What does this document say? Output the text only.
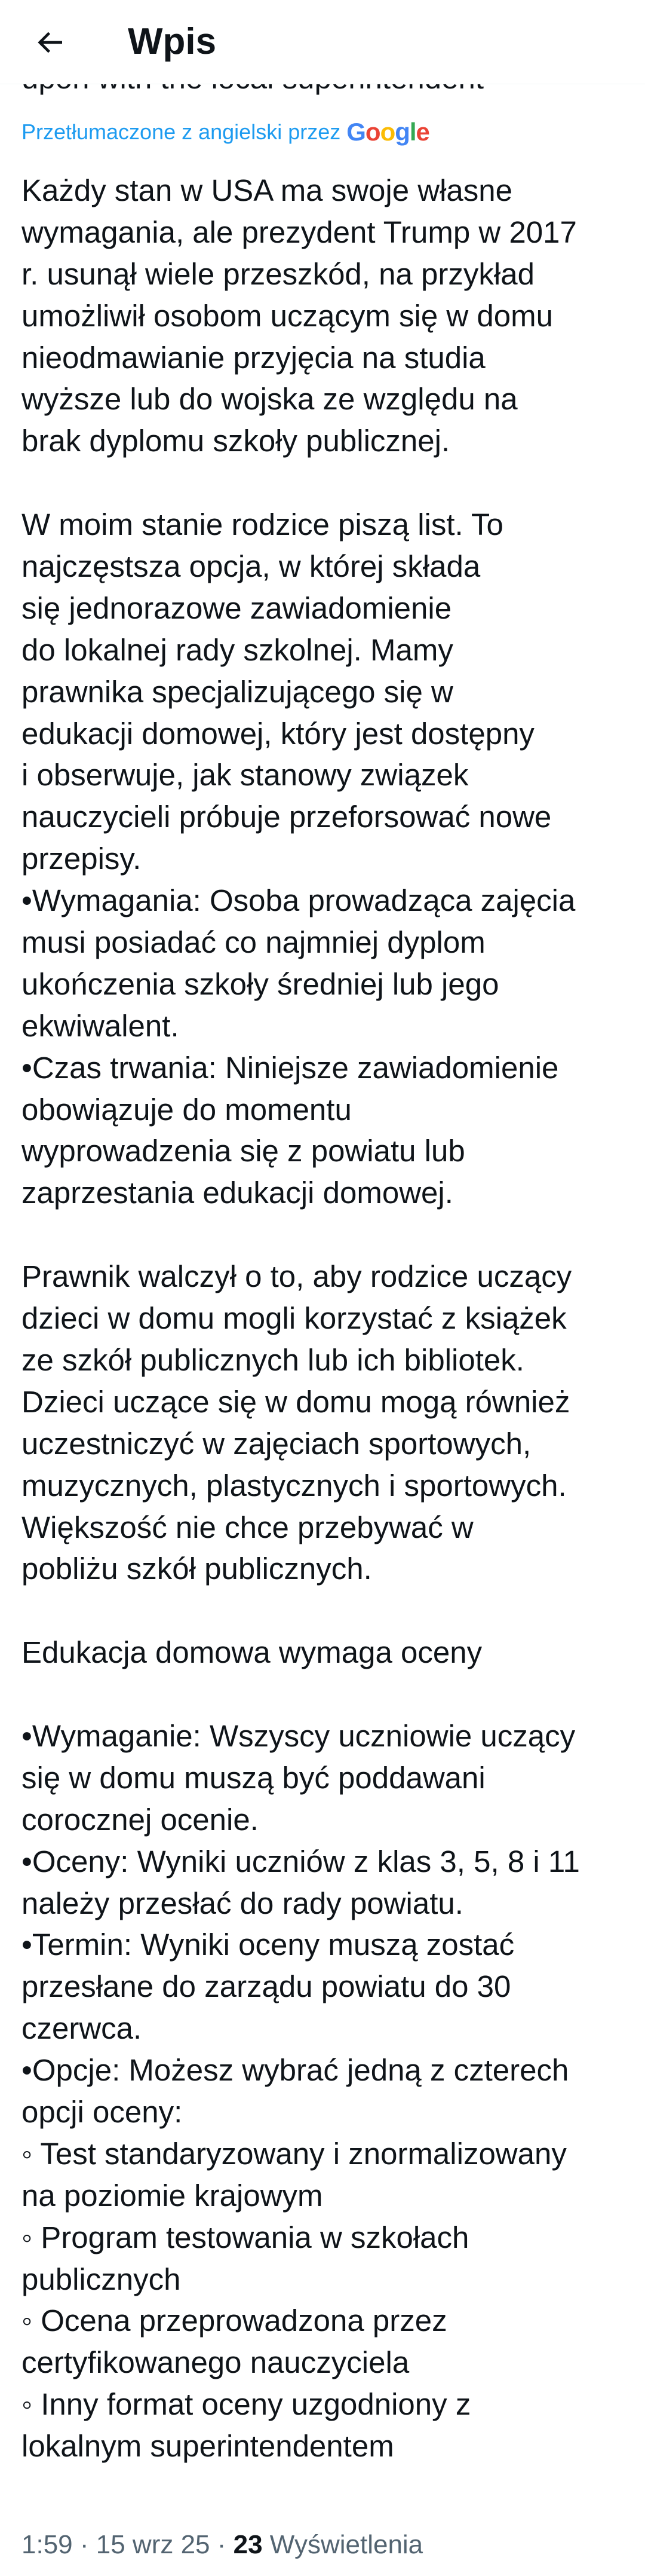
Wpis
Przetłumaczone z angielski przez Google
Każdy stan w USA ma swoje własne
wymagania, ale prezydent Trump w 2017
r. usunął wiele przeszkód, na przykład
umożliwił osobom uczącym się w domu
nieodmawianie przyjęcia na studia
wyższe lub do wojska ze względu na
brak dyplomu szkoły publicznej.
W moim stanie rodzice piszą list. To
najczęstsza opcja, w której składa
się jednorazowe zawiadomienie
do lokalnej rady szkolnej. Mamy
prawnika specjalizującego się w
edukacji domowej, który jest dostępny
i obserwuje, jak stanowy związek
nauczycieli próbuje przeforsować nowe
przepisy.
•Wymagania: Osoba prowadząca zajęcia
musi posiadać co najmniej dyplom
ukończenia szkoły średniej lub jego
ekwiwalent.
•Czas trwania: Niniejsze zawiadomienie
obowiązuje do momentu
wyprowadzenia się z powiatu lub
zaprzestania edukacji domowej.
Prawnik walczył o to, aby rodzice uczący
dzieci w domu mogli korzystać z książek
ze szkół publicznych lub ich bibliotek.
Dzieci uczące się w domu mogą również
uczestniczyć w zajęciach sportowych,
muzycznych, plastycznych i sportowych.
Większość nie chce przebywać w
pobliżu szkół publicznych.
Edukacja domowa wymaga oceny
•Wymaganie: Wszyscy uczniowie uczący
się w domu muszą być poddawani
corocznej ocenie.
•Oceny: Wyniki uczniów z klas 3, 5, 8 i 11
należy przesłać do rady powiatu.
•Termin: Wyniki oceny muszą zostać
przesłane do zarządu powiatu do 30
czerwca.
•Opcje: Możesz wybrać jedną z czterech
opcji oceny:
◦ Test standaryzowany i znormalizowany
na poziomie krajowym
◦ Program testowania w szkołach
publicznych
◦ Ocena przeprowadzona przez
certyfikowanego nauczyciela
◦ Inny format oceny uzgodniony z
lokalnym superintendentem
1:59 · 15 wrz 25 · 23 Wyświetlenia
